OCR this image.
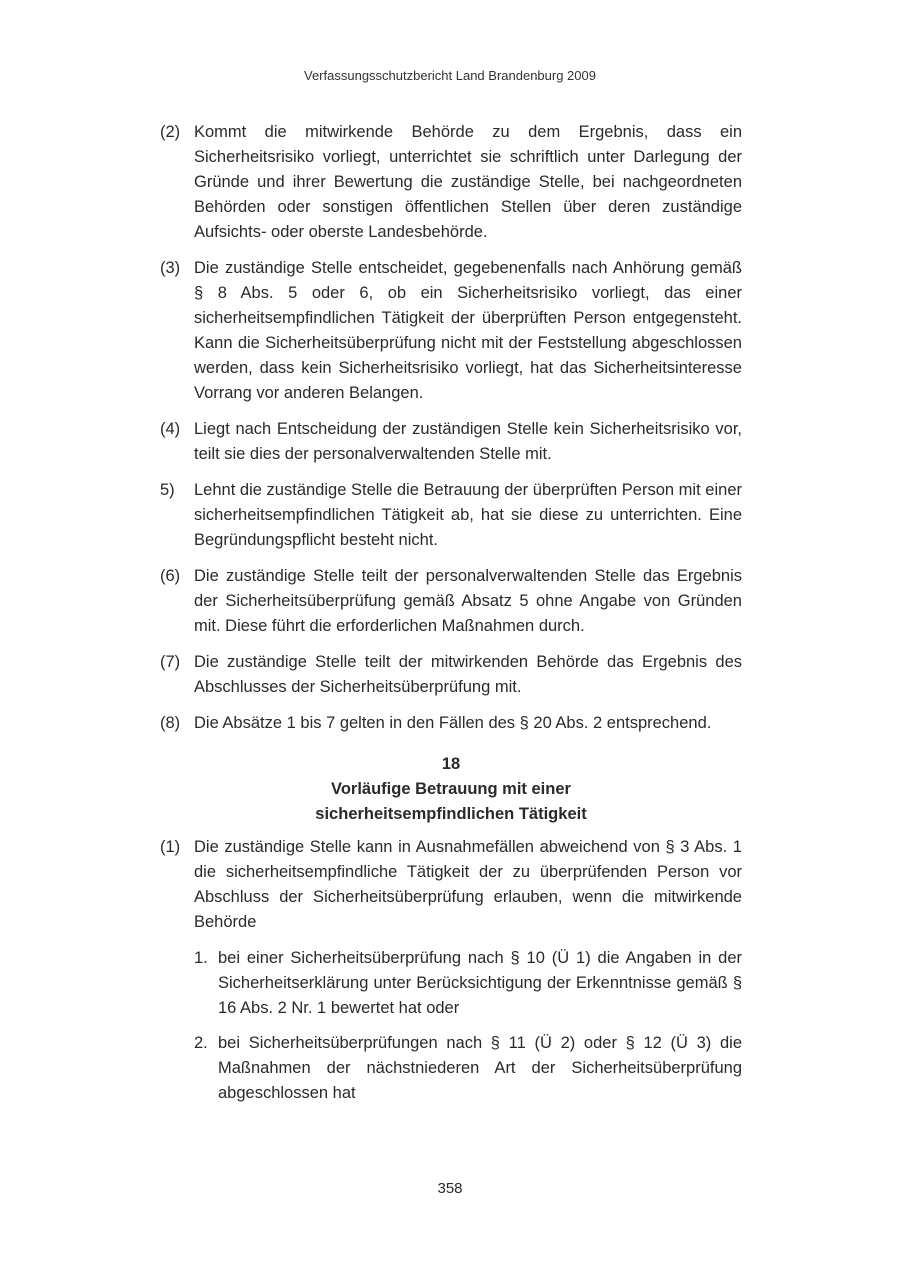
Verfassungsschutzbericht Land Brandenburg 2009
(2) Kommt die mitwirkende Behörde zu dem Ergebnis, dass ein Sicherheitsrisiko vorliegt, unterrichtet sie schriftlich unter Darlegung der Gründe und ihrer Bewertung die zuständige Stelle, bei nachgeordneten Behörden oder sonstigen öffentlichen Stellen über deren zuständige Aufsichts- oder oberste Landesbehörde.
(3) Die zuständige Stelle entscheidet, gegebenenfalls nach Anhörung gemäß § 8 Abs. 5 oder 6, ob ein Sicherheitsrisiko vorliegt, das einer sicherheitsempfindlichen Tätigkeit der überprüften Person entgegensteht. Kann die Sicherheitsüberprüfung nicht mit der Feststellung abgeschlossen werden, dass kein Sicherheitsrisiko vorliegt, hat das Sicherheitsinteresse Vorrang vor anderen Belangen.
(4) Liegt nach Entscheidung der zuständigen Stelle kein Sicherheitsrisiko vor, teilt sie dies der personalverwaltenden Stelle mit.
5) Lehnt die zuständige Stelle die Betrauung der überprüften Person mit einer sicherheitsempfindlichen Tätigkeit ab, hat sie diese zu unterrichten. Eine Begründungspflicht besteht nicht.
(6) Die zuständige Stelle teilt der personalverwaltenden Stelle das Ergebnis der Sicherheitsüberprüfung gemäß Absatz 5 ohne Angabe von Gründen mit. Diese führt die erforderlichen Maßnahmen durch.
(7) Die zuständige Stelle teilt der mitwirkenden Behörde das Ergebnis des Abschlusses der Sicherheitsüberprüfung mit.
(8) Die Absätze 1 bis 7 gelten in den Fällen des § 20 Abs. 2 entsprechend.
18
Vorläufige Betrauung mit einer
sicherheitsempfindlichen Tätigkeit
(1) Die zuständige Stelle kann in Ausnahmefällen abweichend von § 3 Abs. 1 die sicherheitsempfindliche Tätigkeit der zu überprüfenden Person vor Abschluss der Sicherheitsüberprüfung erlauben, wenn die mitwirkende Behörde
1. bei einer Sicherheitsüberprüfung nach § 10 (Ü 1) die Angaben in der Sicherheitserklärung unter Berücksichtigung der Erkenntnisse gemäß § 16 Abs. 2 Nr. 1 bewertet hat oder
2. bei Sicherheitsüberprüfungen nach § 11 (Ü 2) oder § 12 (Ü 3) die Maßnahmen der nächstniederen Art der Sicherheitsüberprüfung abgeschlossen hat
358
